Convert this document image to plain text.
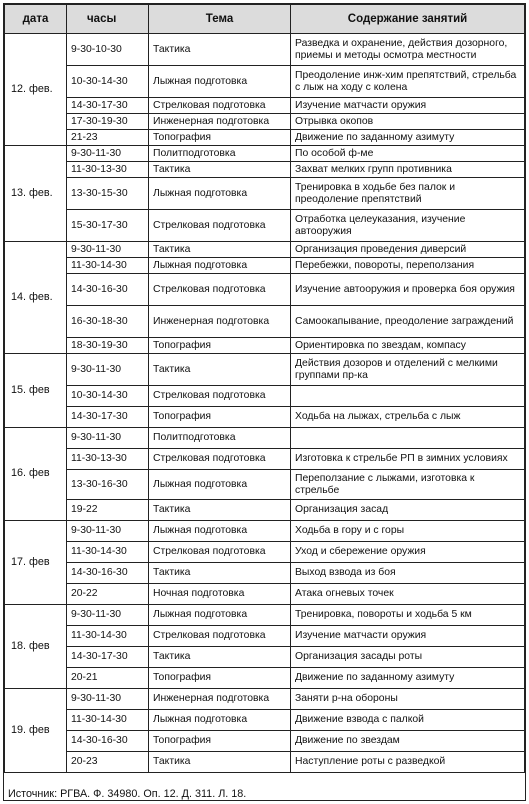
дата	часы	Тема	Содержание занятий
12. фев.	9-30-10-30	Тактика	Разведка и охранение, действия дозорного, приемы и методы осмотра местности
	10-30-14-30	Лыжная подготовка	Преодоление инж-хим препятствий, стрельба с лыж на ходу с колена
	14-30-17-30	Стрелковая подготовка	Изучение матчасти оружия
	17-30-19-30	Инженерная подготовка	Отрывка окопов
	21-23	Топография	Движение по заданному азимуту
13. фев.	9-30-11-30	Политподготовка	По особой ф-ме
	11-30-13-30	Тактика	Захват мелких групп противника
	13-30-15-30	Лыжная подготовка	Тренировка в ходьбе без палок и преодоление препятствий
	15-30-17-30	Стрелковая подготовка	Отработка целеуказания, изучение автооружия
14. фев.	9-30-11-30	Тактика	Организация проведения диверсий
	11-30-14-30	Лыжная подготовка	Перебежки, повороты, переползания
	14-30-16-30	Стрелковая подготовка	Изучение автооружия и проверка боя оружия
	16-30-18-30	Инженерная подготовка	Самоокапывание, преодоление заграждений
	18-30-19-30	Топография	Ориентировка по звездам, компасу
15. фев	9-30-11-30	Тактика	Действия дозоров и отделений с мелкими группами пр-ка
	10-30-14-30	Стрелковая подготовка	
	14-30-17-30	Топография	Ходьба на лыжах, стрельба с лыж
16. фев	9-30-11-30	Политподготовка	
	11-30-13-30	Стрелковая подготовка	Изготовка к стрельбе РП в зимних условиях
	13-30-16-30	Лыжная подготовка	Переползание с лыжами, изготовка к стрельбе
	19-22	Тактика	Организация засад
17. фев	9-30-11-30	Лыжная подготовка	Ходьба в гору и с горы
	11-30-14-30	Стрелковая подготовка	Уход и сбережение оружия
	14-30-16-30	Тактика	Выход взвода из боя
	20-22	Ночная подготовка	Атака огневых точек
18. фев	9-30-11-30	Лыжная подготовка	Тренировка, повороты и ходьба 5 км
	11-30-14-30	Стрелковая подготовка	Изучение матчасти оружия
	14-30-17-30	Тактика	Организация засады роты
	20-21	Топография	Движение по заданному азимуту
19. фев	9-30-11-30	Инженерная подготовка	Заняти р-на обороны
	11-30-14-30	Лыжная подготовка	Движение взвода с палкой
	14-30-16-30	Топография	Движение по звездам
	20-23	Тактика	Наступление роты с разведкой
Источник: РГВА. Ф. 34980. Оп. 12. Д. 311. Л. 18.
